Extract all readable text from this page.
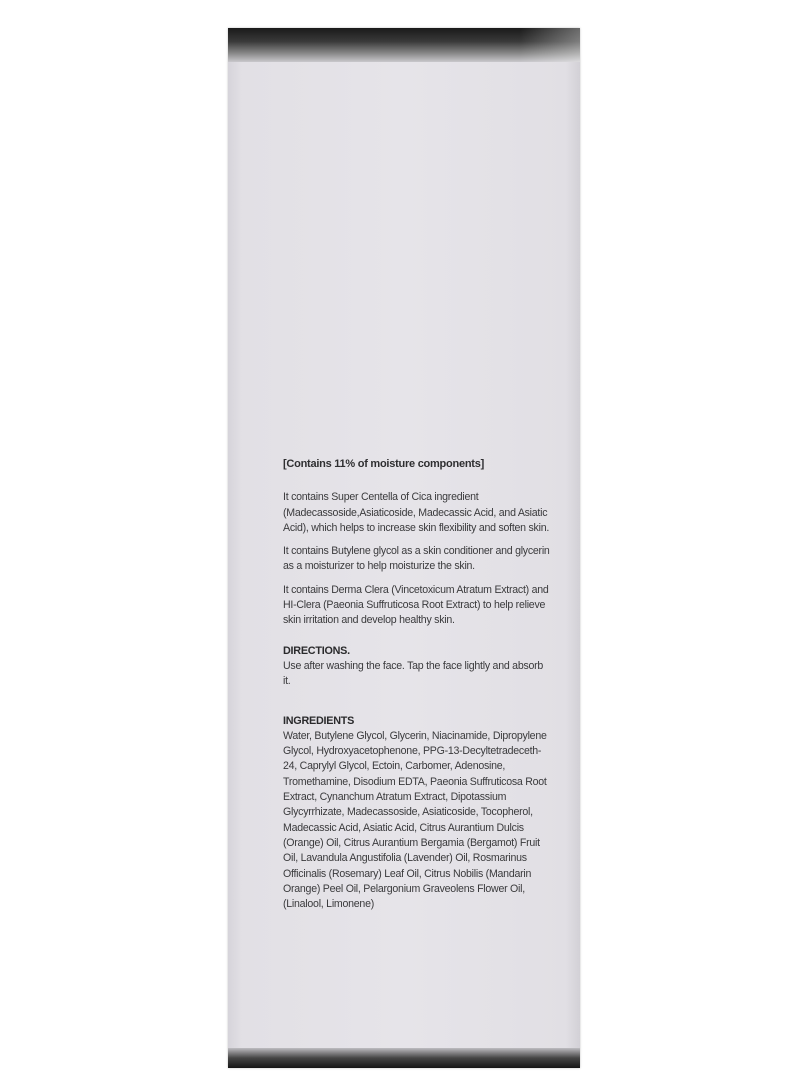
[Contains 11% of moisture components]

It contains Super Centella of Cica ingredient (Madecassoside,Asiaticoside, Madecassic Acid, and Asiatic Acid), which helps to increase skin flexibility and soften skin.

It contains Butylene glycol as a skin conditioner and glycerin as a moisturizer to help moisturize the skin.

It contains Derma Clera (Vincetoxicum Atratum Extract) and HI-Clera (Paeonia Suffruticosa Root Extract) to help relieve skin irritation and develop healthy skin.

DIRECTIONS.

Use after washing the face. Tap the face lightly and absorb it.

INGREDIENTS

Water, Butylene Glycol, Glycerin, Niacinamide, Dipropylene Glycol, Hydroxyacetophenone, PPG-13-Decyltetradeceth-24, Caprylyl Glycol, Ectoin, Carbomer, Adenosine, Tromethamine, Disodium EDTA, Paeonia Suffruticosa Root Extract, Cynanchum Atratum Extract, Dipotassium Glycyrrhizate, Madecassoside, Asiaticoside, Tocopherol, Madecassic Acid, Asiatic Acid, Citrus Aurantium Dulcis (Orange) Oil, Citrus Aurantium Bergamia (Bergamot) Fruit Oil, Lavandula Angustifolia (Lavender) Oil, Rosmarinus Officinalis (Rosemary) Leaf Oil, Citrus Nobilis (Mandarin Orange) Peel Oil, Pelargonium Graveolens Flower Oil, (Linalool, Limonene)
